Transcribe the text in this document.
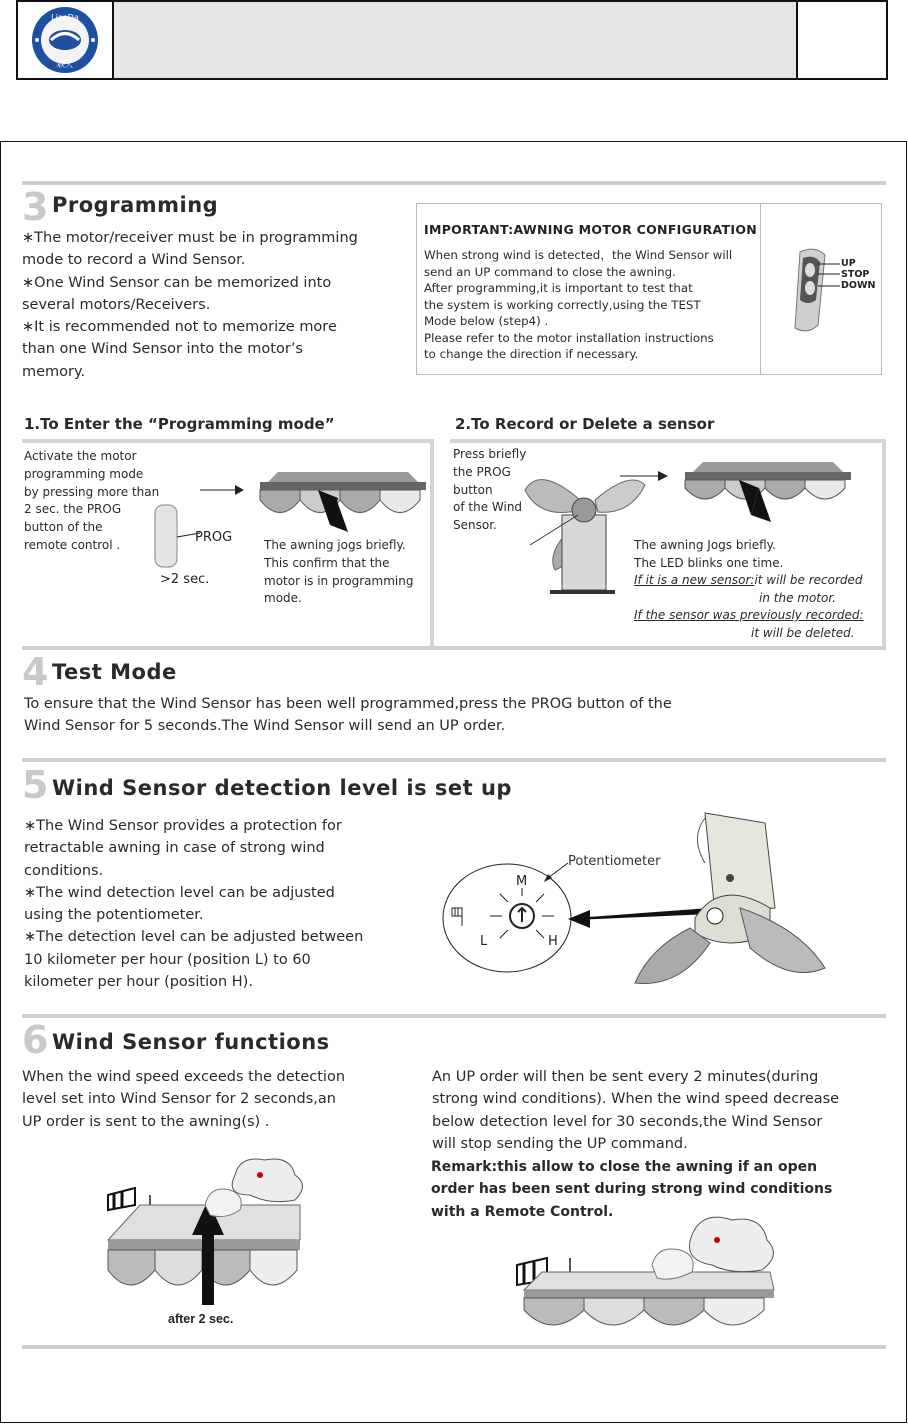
LianDa
联大
3 Programming
∗The motor/receiver must be in programming
mode to record a Wind Sensor.
∗One Wind Sensor can be memorized into
several motors/Receivers.
∗It is recommended not to memorize more
than one Wind Sensor into the motor’s
memory.
IMPORTANT:AWNING MOTOR CONFIGURATION
When strong wind is detected，the Wind Sensor will
send an UP command to close the awning.
After programming,it is important to test that
the system is working correctly,using the TEST
Mode below (step4) .
Please refer to the motor installation instructions
to change the direction if necessary.
UP
STOP
DOWN
1.To Enter the “Programming mode”
Activate the motor
programming mode
by pressing more than
2 sec. the PROG
button of the
remote control .	PROG
>2 sec.
The awning jogs briefly.
This confirm that the
motor is in programming
mode.
2.To Record or Delete a sensor
Press briefly
the PROG
button
of the Wind
Sensor.
The awning Jogs briefly.
The LED blinks one time.
If it is a new sensor:it will be recorded
in the motor.
If the sensor was previously recorded:
it will be deleted.
4 Test Mode
To ensure that the Wind Sensor has been well programmed,press the PROG button of the
Wind Sensor for 5 seconds.The Wind Sensor will send an UP order.
5 Wind Sensor detection level is set up
∗The Wind Sensor provides a protection for
retractable awning in case of strong wind
conditions.
∗The wind detection level can be adjusted
using the potentiometer.
∗The detection level can be adjusted between
10 kilometer per hour (position L) to 60
kilometer per hour (position H).
Potentiometer
M
L	H
6 Wind Sensor functions
When the wind speed exceeds the detection
level set into Wind Sensor for 2 seconds,an
UP order is sent to the awning(s) .
An UP order will then be sent every 2 minutes(during
strong wind conditions). When the wind speed decrease
below detection level for 30 seconds,the Wind Sensor
will stop sending the UP command.
Remark:this allow to close the awning if an open
order has been sent during strong wind conditions
with a Remote Control.
after 2 sec.
